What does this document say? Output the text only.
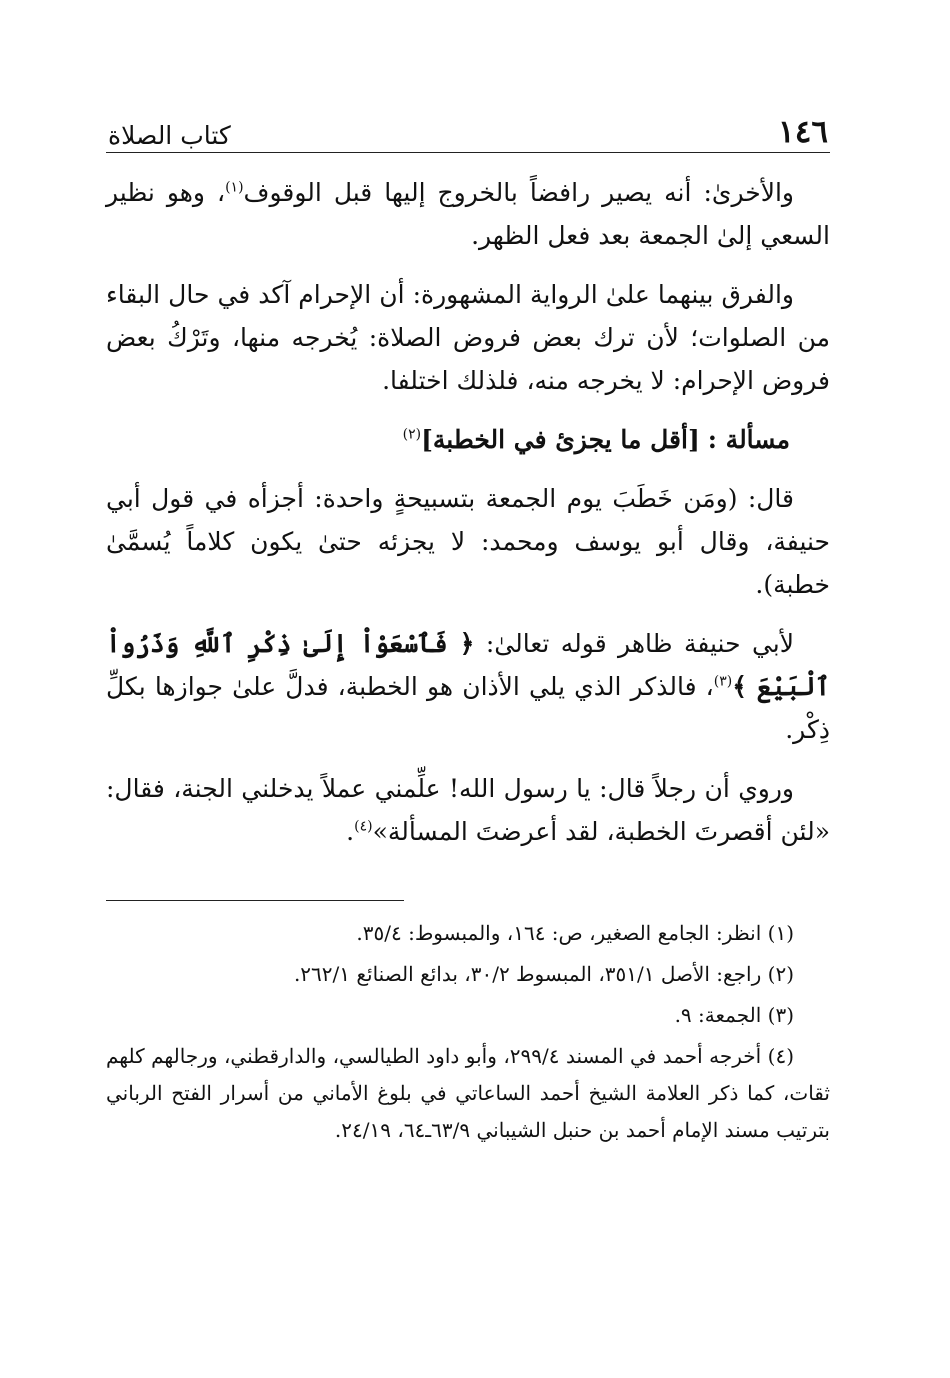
١٤٦
كتاب الصلاة

والأخرىٰ: أنه يصير رافضاً بالخروج إليها قبل الوقوف$^{(١)}$، وهو نظير السعي إلىٰ الجمعة بعد فعل الظهر.

والفرق بينهما علىٰ الرواية المشهورة: أن الإحرام آكد في حال البقاء من الصلوات؛ لأن ترك بعض فروض الصلاة: يُخرجه منها، وتَرْكُ بعض فروض الإحرام: لا يخرجه منه، فلذلك اختلفا.

مسألة : [أقل ما يجزئ في الخطبة]$^{(٢)}$

قال: (ومَن خَطَبَ يوم الجمعة بتسبيحةٍ واحدة: أجزأه في قول أبي حنيفة، وقال أبو يوسف ومحمد: لا يجزئه حتىٰ يكون كلاماً يُسمَّىٰ خطبة).

لأبي حنيفة ظاهر قوله تعالىٰ: ﴿ فَٱسْعَوْاْ إِلَىٰ ذِكْرِ ٱللَّهِ وَذَرُواْ ٱلْبَيْعَ ﴾$^{(٣)}$، فالذكر الذي يلي الأذان هو الخطبة، فدلَّ علىٰ جوازها بكلِّ ذِكْر.

وروي أن رجلاً قال: يا رسول الله! علِّمني عملاً يدخلني الجنة، فقال: «لئن أقصرتَ الخطبة، لقد أعرضتَ المسألة»$^{(٤)}$.

(١) انظر: الجامع الصغير، ص: ١٦٤، والمبسوط: ٣٥/٤.

(٢) راجع: الأصل ٣٥١/١، المبسوط ٣٠/٢، بدائع الصنائع ٢٦٢/١.

(٣) الجمعة: ٩.

(٤) أخرجه أحمد في المسند ٢٩٩/٤، وأبو داود الطيالسي، والدارقطني، ورجالهم كلهم ثقات، كما ذكر العلامة الشيخ أحمد الساعاتي في بلوغ الأماني من أسرار الفتح الرباني بترتيب مسند الإمام أحمد بن حنبل الشيباني ٦٣/٩ـ٦٤، ٢٤/١٩.
